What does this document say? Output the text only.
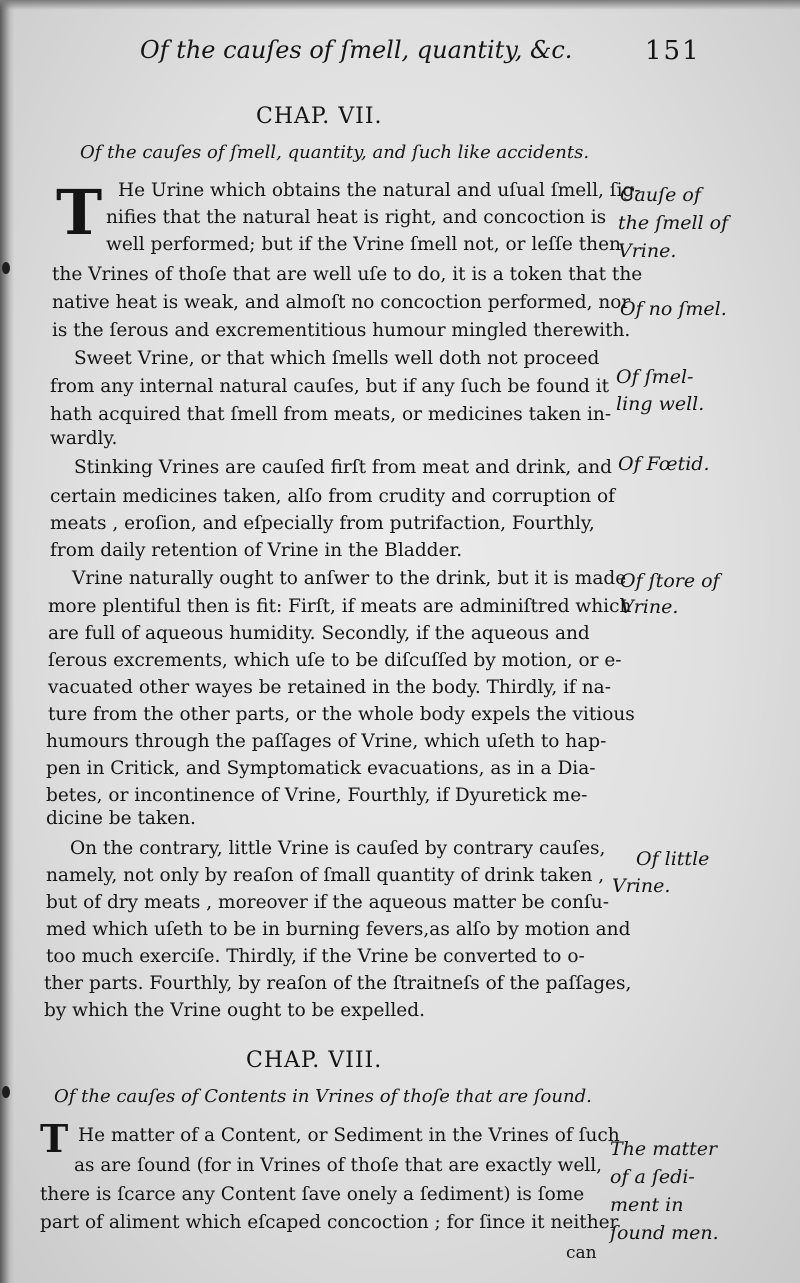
Of the cauſes of ſmell, quantity, &c.	151
CHAP. VII.
Of the cauſes of ſmell, quantity, and ſuch like accidents.
T He Urine which obtains the natural and uſual ſmell, ſig-
nifies that the natural heat is right, and concoction is
well performed; but if the Vrine ſmell not, or leſſe then
the Vrines of thoſe that are well uſe to do, it is a token that the
native heat is weak, and almoſt no concoction performed, nor
is the ſerous and excrementitious humour mingled therewith.
Sweet Vrine, or that which ſmells well doth not proceed
from any internal natural cauſes, but if any ſuch be found it
hath acquired that ſmell from meats, or medicines taken in-
wardly.
Stinking Vrines are cauſed firſt from meat and drink, and
certain medicines taken, alſo from crudity and corruption of
meats , eroſion, and eſpecially from putrifaction, Fourthly,
from daily retention of Vrine in the Bladder.
Vrine naturally ought to anſwer to the drink, but it is made
more plentiful then is fit: Firſt, if meats are adminiſtred which
are full of aqueous humidity. Secondly, if the aqueous and
ſerous excrements, which uſe to be diſcuſſed by motion, or e-
vacuated other wayes be retained in the body. Thirdly, if na-
ture from the other parts, or the whole body expels the vitious
humours through the paſſages of Vrine, which uſeth to hap-
pen in Critick, and Symptomatick evacuations, as in a Dia-
betes, or incontinence of Vrine, Fourthly, if Dyuretick me-
dicine be taken.
On the contrary, little Vrine is cauſed by contrary cauſes,
namely, not only by reaſon of ſmall quantity of drink taken ,
but of dry meats , moreover if the aqueous matter be conſu-
med which uſeth to be in burning fevers,as alſo by motion and
too much exerciſe. Thirdly, if the Vrine be converted to o-
ther parts. Fourthly, by reaſon of the ſtraitneſs of the paſſages,
by which the Vrine ought to be expelled.
Cauſe of
the ſmell of
Vrine.
Of no ſmel.
Of ſmel-
ling well.
Of Fœtid.
Of ſtore of
Vrine.
Of little
Vrine.
CHAP. VIII.
Of the cauſes of Contents in Vrines of thoſe that are ſound.
T He matter of a Content, or Sediment in the Vrines of ſuch
as are ſound (for in Vrines of thoſe that are exactly well,
there is ſcarce any Content ſave onely a ſediment) is ſome
part of aliment which eſcaped concoction ; for ſince it neither
The matter
of a ſedi-
ment in
ſound men.
can
